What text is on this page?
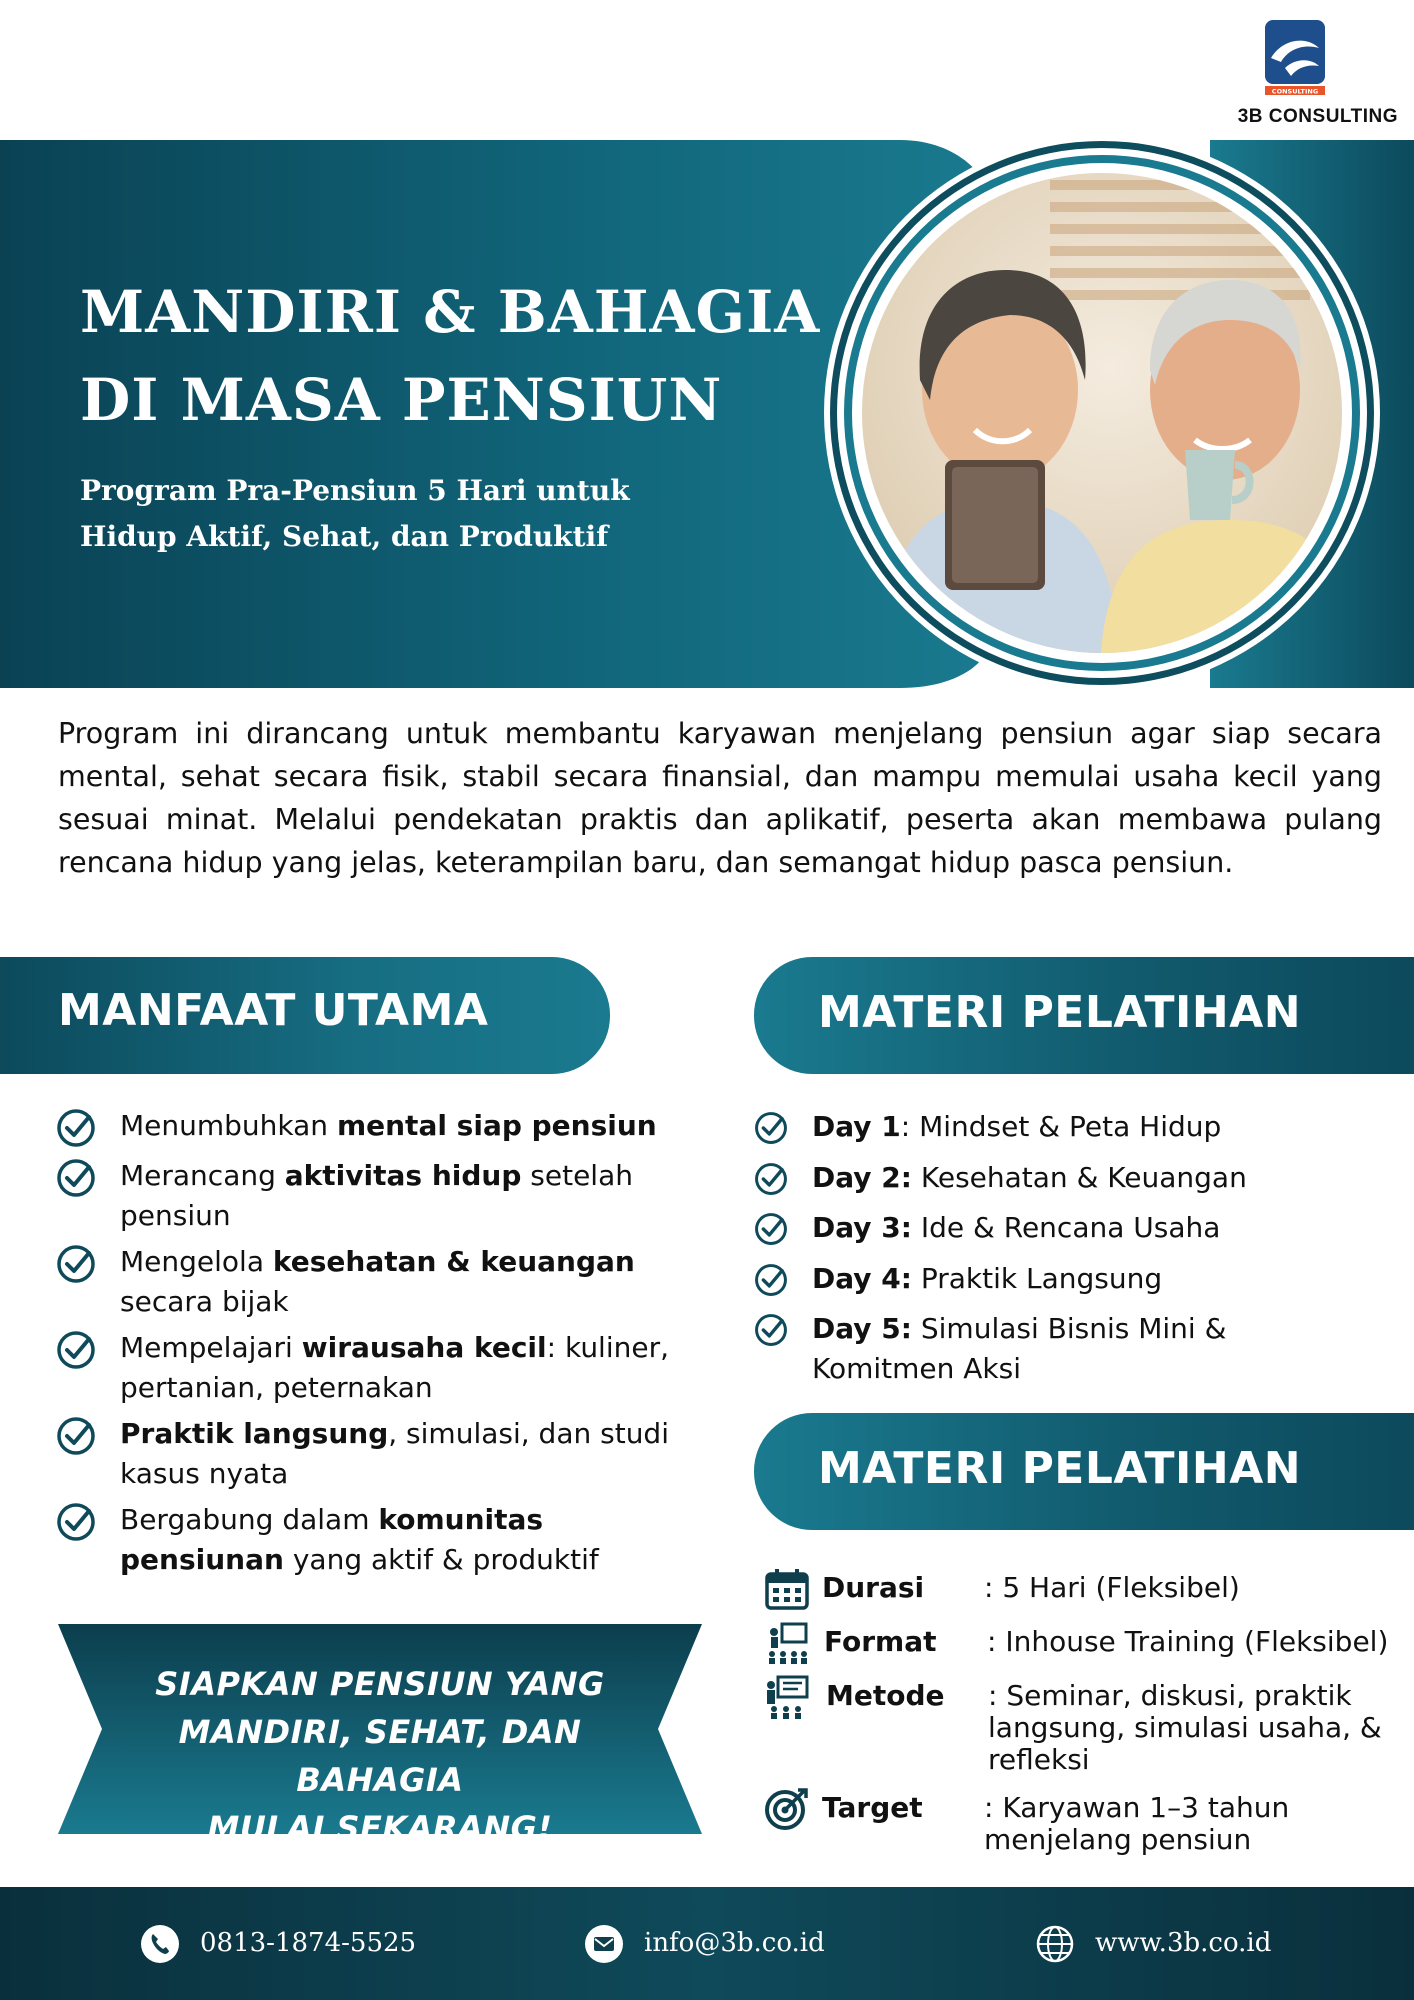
CONSULTING
3B CONSULTING
MANDIRI & BAHAGIA
DI MASA PENSIUN
Program Pra-Pensiun 5 Hari untuk
Hidup Aktif, Sehat, dan Produktif
Program ini dirancang untuk membantu karyawan menjelang pensiun agar siap secara mental, sehat secara fisik, stabil secara finansial, dan mampu memulai usaha kecil yang sesuai minat. Melalui pendekatan praktis dan aplikatif, peserta akan membawa pulang rencana hidup yang jelas, keterampilan baru, dan semangat hidup pasca pensiun.
MANFAAT UTAMA	MATERI PELATIHAN
Menumbuhkan mental siap pensiun
Merancang aktivitas hidup setelah pensiun
Mengelola kesehatan & keuangan secara bijak
Mempelajari wirausaha kecil: kuliner, pertanian, peternakan
Praktik langsung, simulasi, dan studi kasus nyata
Bergabung dalam komunitas pensiunan yang aktif & produktif
Day 1: Mindset & Peta Hidup
Day 2: Kesehatan & Keuangan
Day 3: Ide & Rencana Usaha
Day 4: Praktik Langsung
Day 5: Simulasi Bisnis Mini & Komitmen Aksi
MATERI PELATIHAN
Durasi : 5 Hari (Fleksibel)
Format : Inhouse Training (Fleksibel)
Metode : Seminar, diskusi, praktik langsung, simulasi usaha, & refleksi
Target : Karyawan 1–3 tahun menjelang pensiun
SIAPKAN PENSIUN YANG
MANDIRI, SEHAT, DAN BAHAGIA
MULAI SEKARANG!
0813-1874-5525	info@3b.co.id	www.3b.co.id
